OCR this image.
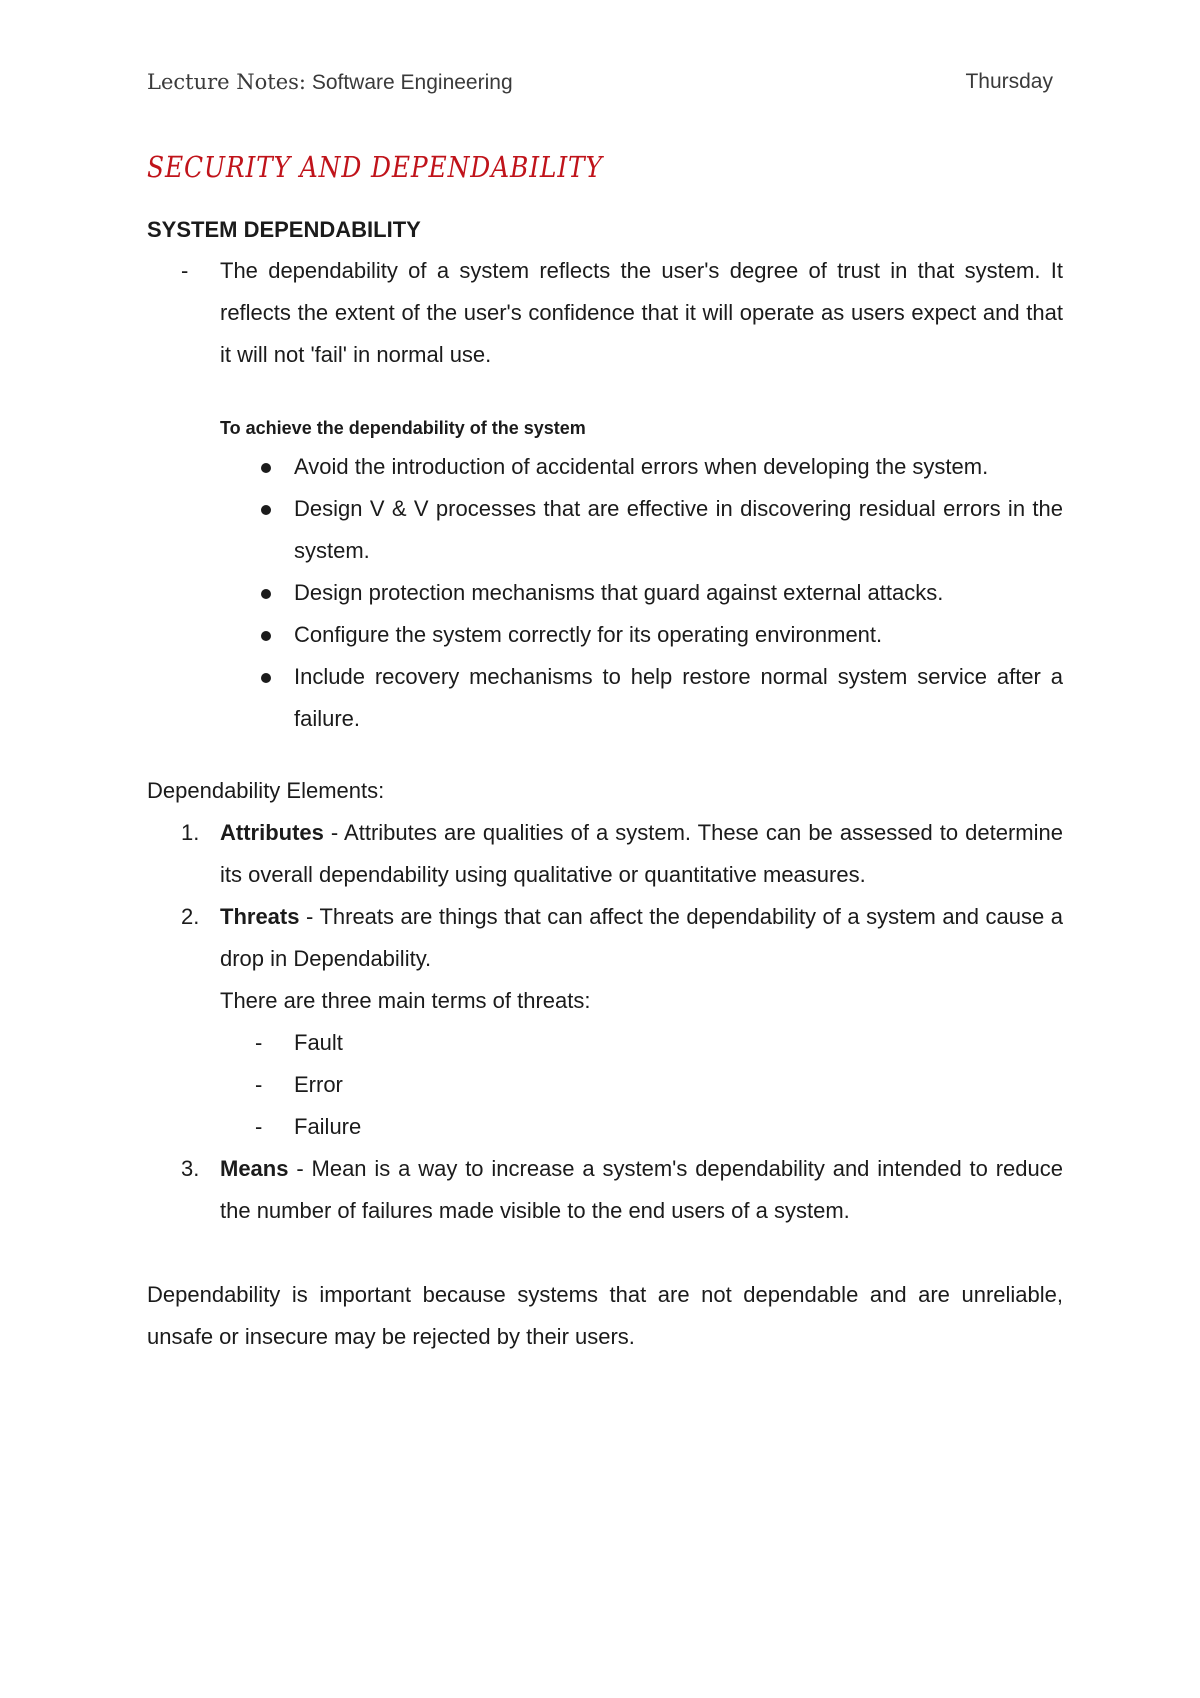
Lecture Notes: Software Engineering	Thursday
SECURITY AND DEPENDABILITY
SYSTEM DEPENDABILITY
- The dependability of a system reflects the user's degree of trust in that system. It reflects the extent of the user's confidence that it will operate as users expect and that it will not 'fail' in normal use.
To achieve the dependability of the system
Avoid the introduction of accidental errors when developing the system.
Design V & V processes that are effective in discovering residual errors in the system.
Design protection mechanisms that guard against external attacks.
Configure the system correctly for its operating environment.
Include recovery mechanisms to help restore normal system service after a failure.
Dependability Elements:
1. Attributes - Attributes are qualities of a system. These can be assessed to determine its overall dependability using qualitative or quantitative measures.
2. Threats - Threats are things that can affect the dependability of a system and cause a drop in Dependability.
There are three main terms of threats:
- Fault
- Error
- Failure
3. Means - Mean is a way to increase a system's dependability and intended to reduce the number of failures made visible to the end users of a system.
Dependability is important because systems that are not dependable and are unreliable, unsafe or insecure may be rejected by their users.
